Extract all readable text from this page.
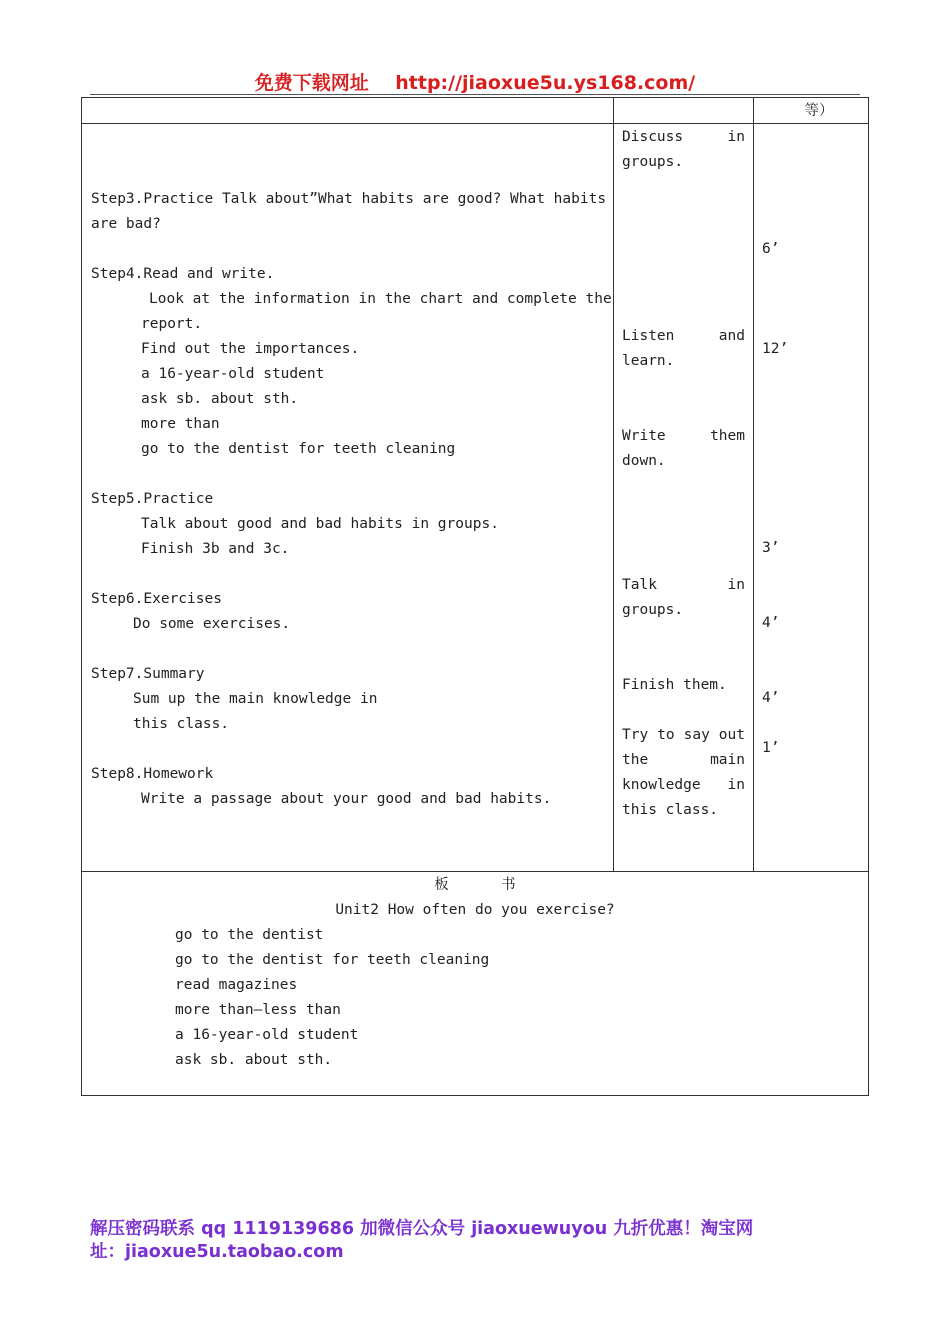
免费下载网址 http://jiaoxue5u.ys168.com/
等）
Step3.Practice Talk about”What habits are good? What habits
are bad?
Step4.Read and write.
Look at the information in the chart and complete the
report.
Find out the importances.
a 16-year-old student
ask sb. about sth.
more than
go to the dentist for teeth cleaning
Step5.Practice
Talk about good and bad habits in groups.
Finish 3b and 3c.
Step6.Exercises
Do some exercises.
Step7.Summary
Sum up the main knowledge in
this class.
Step8.Homework
Write a passage about your good and bad habits.
Discuss in
groups.
Listen and
learn.
Write them
down.
Talk in
groups.
Finish them.
Try to say out
the main
knowledge in
this class.
6’
12’
3’
4’
4’
1’
板      书
Unit2 How often do you exercise?
go to the dentist
go to the dentist for teeth cleaning
read magazines
more than—less than
a 16-year-old student
ask sb. about sth.
解压密码联系 qq 1119139686 加微信公众号 jiaoxuewuyou 九折优惠！淘宝网
址：jiaoxue5u.taobao.com
